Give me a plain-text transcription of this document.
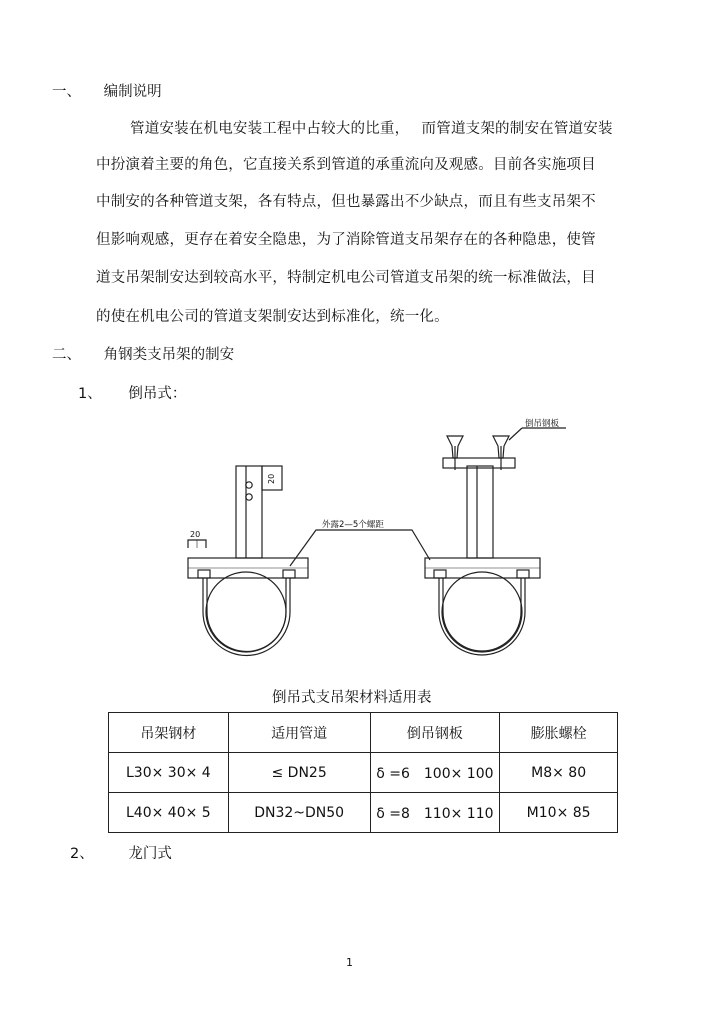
一、 编制说明
管道安装在机电安装工程中占较大的比重，　 而管道支架的制安在管道安装
中扮演着主要的角色，它直接关系到管道的承重流向及观感。目前各实施项目
中制安的各种管道支架，各有特点，但也暴露出不少缺点，而且有些支吊架不
但影响观感，更存在着安全隐患，为了消除管道支吊架存在的各种隐患，使管
道支吊架制安达到较高水平，特制定机电公司管道支吊架的统一标准做法，目
的使在机电公司的管道支架制安达到标准化，统一化。
二、 角钢类支吊架的制安
1、 倒吊式：
倒吊钢板
外露2—5个螺距
20
20
倒吊式支吊架材料适用表
吊架钢材	适用管道	倒吊钢板	膨胀螺栓
L30× 30× 4	≤ DN25	δ =6　100× 100	M8× 80
L40× 40× 5	DN32~DN50	δ =8　110× 110	M10× 85
2、 龙门式
1
